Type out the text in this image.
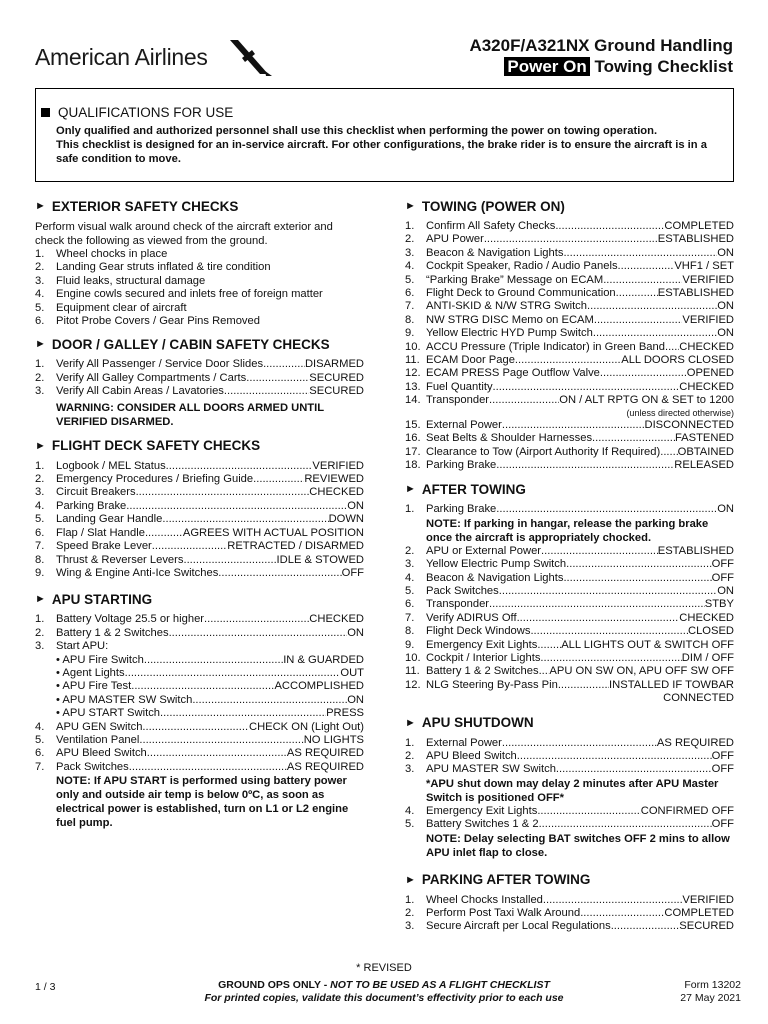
American Airlines	A320F/A321NX Ground Handling
Power On Towing Checklist
QUALIFICATIONS FOR USE
Only qualified and authorized personnel shall use this checklist when performing the power on towing operation.
This checklist is designed for an in-service aircraft. For other configurations, the brake rider is to ensure the aircraft is in a safe condition to move.
► EXTERIOR SAFETY CHECKS
Perform visual walk around check of the aircraft exterior and check the following as viewed from the ground.
1.	Wheel chocks in place
2.	Landing Gear struts inflated & tire condition
3.	Fluid leaks, structural damage
4.	Engine cowls secured and inlets free of foreign matter
5.	Equipment clear of aircraft
6.	Pitot Probe Covers / Gear Pins Removed
► DOOR / GALLEY / CABIN SAFETY CHECKS
1.	Verify All Passenger / Service Door Slides .....	DISARMED
2.	Verify All Galley Compartments / Carts .....	SECURED
3.	Verify All Cabin Areas / Lavatories .....	SECURED
WARNING: CONSIDER ALL DOORS ARMED UNTIL VERIFIED DISARMED.
► FLIGHT DECK SAFETY CHECKS
1.	Logbook / MEL Status .....	VERIFIED
2.	Emergency Procedures / Briefing Guide .....	REVIEWED
3.	Circuit Breakers .....	CHECKED
4.	Parking Brake .....	ON
5.	Landing Gear Handle .....	DOWN
6.	Flap / Slat Handle .....	AGREES WITH ACTUAL POSITION
7.	Speed Brake Lever .....	RETRACTED / DISARMED
8.	Thrust & Reverser Levers .....	IDLE & STOWED
9.	Wing & Engine Anti-Ice Switches .....	OFF
► APU STARTING
1.	Battery Voltage 25.5 or higher .....	CHECKED
2.	Battery 1 & 2 Switches .....	ON
3.	Start APU:
• APU Fire Switch .....	IN & GUARDED
• Agent Lights .....	OUT
• APU Fire Test .....	ACCOMPLISHED
• APU MASTER SW Switch .....	ON
• APU START Switch .....	PRESS
4.	APU GEN Switch .....	CHECK ON (Light Out)
5.	Ventilation Panel .....	NO LIGHTS
6.	APU Bleed Switch .....	AS REQUIRED
7.	Pack Switches .....	AS REQUIRED
NOTE: If APU START is performed using battery power only and outside air temp is below 0ºC, as soon as electrical power is established, turn on L1 or L2 engine fuel pump.
► TOWING (POWER ON)
1.	Confirm All Safety Checks .....	COMPLETED
2.	APU Power .....	ESTABLISHED
3.	Beacon & Navigation Lights .....	ON
4.	Cockpit Speaker, Radio / Audio Panels .....	VHF1 / SET
5.	“Parking Brake” Message on ECAM .....	VERIFIED
6.	Flight Deck to Ground Communication .....	ESTABLISHED
7.	ANTI-SKID & N/W STRG Switch .....	ON
8.	NW STRG DISC Memo on ECAM .....	VERIFIED
9.	Yellow Electric HYD Pump Switch .....	ON
10. ACCU Pressure (Triple Indicator) in Green Band ..... CHECKED
11. ECAM Door Page .....	ALL DOORS CLOSED
12. ECAM PRESS Page Outflow Valve .....	OPENED
13. Fuel Quantity .....	CHECKED
14. Transponder .....	ON / ALT RPTG ON & SET to 1200
(unless directed otherwise)
15. External Power .....	DISCONNECTED
16. Seat Belts & Shoulder Harnesses .....	FASTENED
17. Clearance to Tow (Airport Authority If Required) ..... OBTAINED
18. Parking Brake .....	RELEASED
► AFTER TOWING
1.	Parking Brake .....	ON
NOTE: If parking in hangar, release the parking brake once the aircraft is appropriately chocked.
2.	APU or External Power .....	ESTABLISHED
3.	Yellow Electric Pump Switch .....	OFF
4.	Beacon & Navigation Lights .....	OFF
5.	Pack Switches .....	ON
6.	Transponder .....	STBY
7.	Verify ADIRUS Off .....	CHECKED
8.	Flight Deck Windows .....	CLOSED
9.	Emergency Exit Lights ..... ALL LIGHTS OUT & SWITCH OFF
10. Cockpit / Interior Lights .....	DIM / OFF
11. Battery 1 & 2 Switches ..... APU ON SW ON, APU OFF SW OFF
12. NLG Steering By-Pass Pin .....	INSTALLED IF TOWBAR
CONNECTED
► APU SHUTDOWN
1.	External Power .....	AS REQUIRED
2.	APU Bleed Switch .....	OFF
3.	APU MASTER SW Switch .....	OFF
*APU shut down may delay 2 minutes after APU Master Switch is positioned OFF*
4.	Emergency Exit Lights .....	CONFIRMED OFF
5.	Battery Switches 1 & 2 .....	OFF
NOTE: Delay selecting BAT switches OFF 2 mins to allow APU inlet flap to close.
► PARKING AFTER TOWING
1.	Wheel Chocks Installed .....	VERIFIED
2.	Perform Post Taxi Walk Around .....	COMPLETED
3.	Secure Aircraft per Local Regulations .....	SECURED
* REVISED
1 / 3	GROUND OPS ONLY - NOT TO BE USED AS A FLIGHT CHECKLIST
For printed copies, validate this document’s effectivity prior to each use
Form 13202
27 May 2021
